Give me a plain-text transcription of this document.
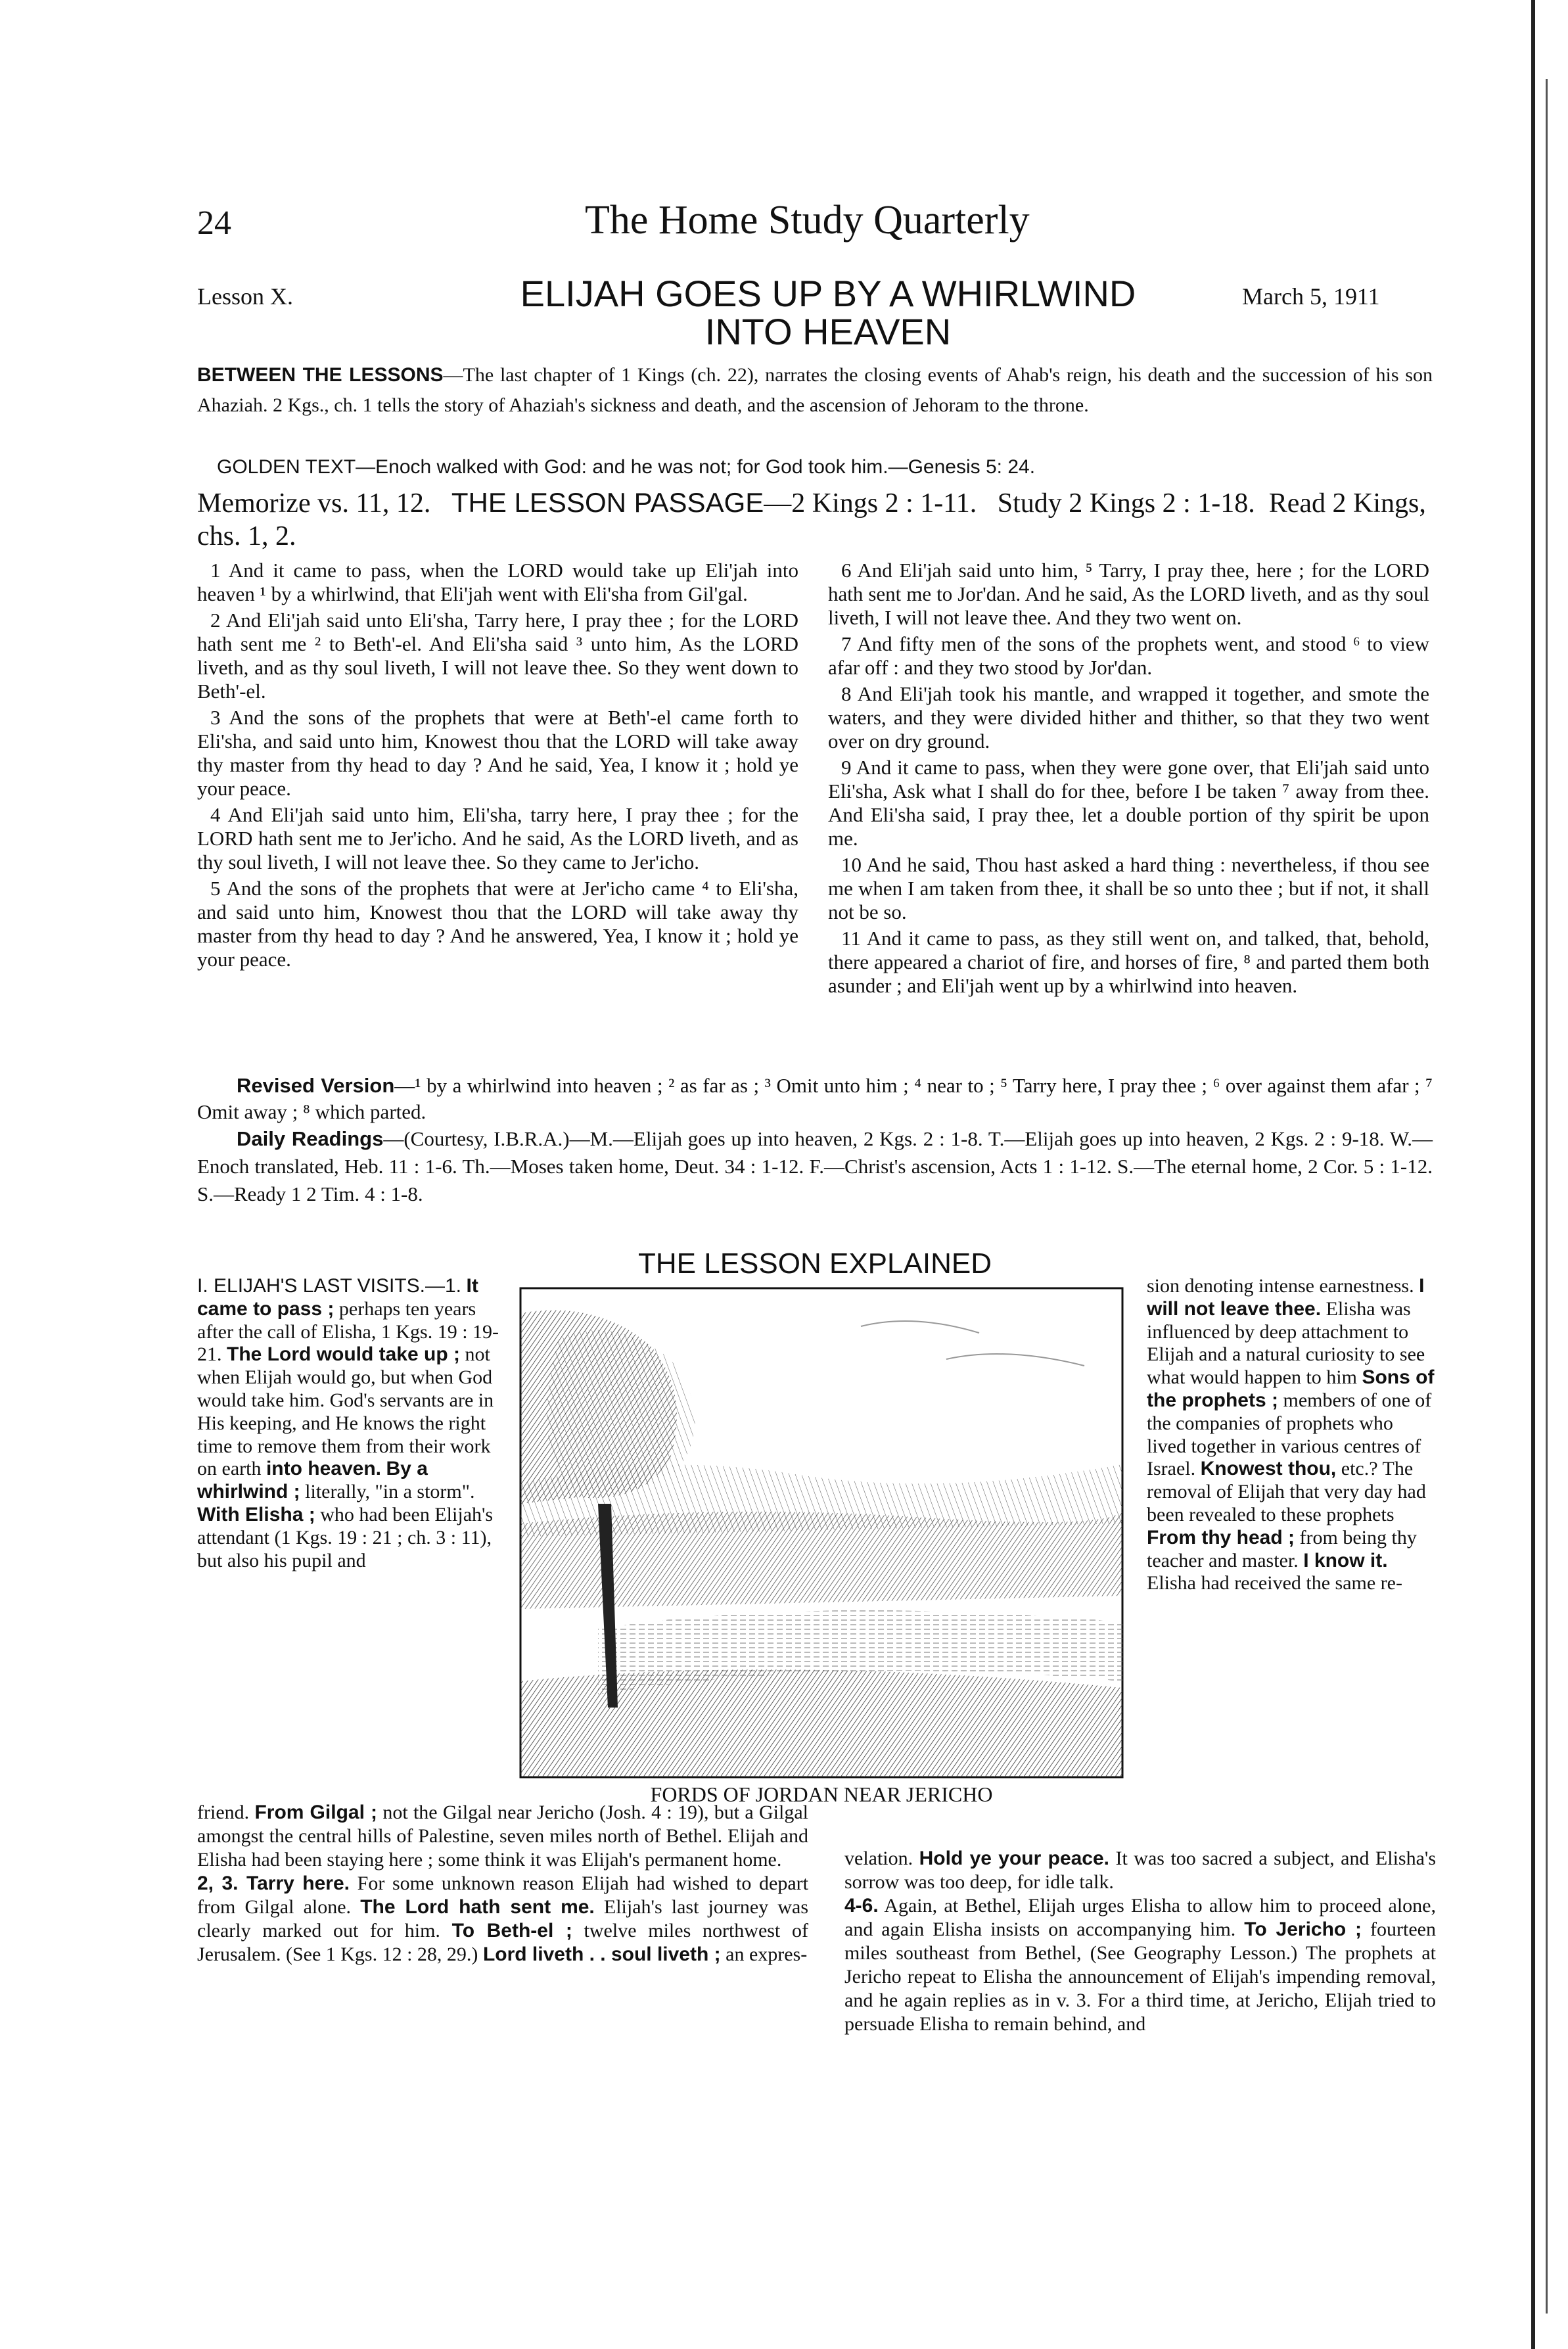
24	The Home Study Quarterly
Lesson X.	ELIJAH GOES UP BY A WHIRLWIND
INTO HEAVEN
March 5, 1911
BETWEEN THE LESSONS—The last chapter of 1 Kings (ch. 22), narrates the closing events of Ahab's reign, his death and the succession of his son Ahaziah. 2 Kgs., ch. 1 tells the story of Ahaziah's sickness and death, and the ascension of Jehoram to the throne.
GOLDEN TEXT—Enoch walked with God: and he was not; for God took him.—Genesis 5: 24.
Memorize vs. 11, 12. THE LESSON PASSAGE—2 Kings 2 : 1-11. Study 2 Kings 2 : 1-18. Read 2 Kings, chs. 1, 2.

1 And it came to pass, when the LORD would take up Eli'jah into heaven ¹ by a whirlwind, that Eli'jah went with Eli'sha from Gil'gal.

2 And Eli'jah said unto Eli'sha, Tarry here, I pray thee ; for the LORD hath sent me ² to Beth'-el. And Eli'sha said ³ unto him, As the LORD liveth, and as thy soul liveth, I will not leave thee. So they went down to Beth'-el.

3 And the sons of the prophets that were at Beth'-el came forth to Eli'sha, and said unto him, Knowest thou that the LORD will take away thy master from thy head to day ? And he said, Yea, I know it ; hold ye your peace.

4 And Eli'jah said unto him, Eli'sha, tarry here, I pray thee ; for the LORD hath sent me to Jer'icho. And he said, As the LORD liveth, and as thy soul liveth, I will not leave thee. So they came to Jer'icho.

5 And the sons of the prophets that were at Jer'icho came ⁴ to Eli'sha, and said unto him, Knowest thou that the LORD will take away thy master from thy head to day ? And he answered, Yea, I know it ; hold ye your peace.

6 And Eli'jah said unto him, ⁵ Tarry, I pray thee, here ; for the LORD hath sent me to Jor'dan. And he said, As the LORD liveth, and as thy soul liveth, I will not leave thee. And they two went on.

7 And fifty men of the sons of the prophets went, and stood ⁶ to view afar off : and they two stood by Jor'dan.

8 And Eli'jah took his mantle, and wrapped it together, and smote the waters, and they were divided hither and thither, so that they two went over on dry ground.

9 And it came to pass, when they were gone over, that Eli'jah said unto Eli'sha, Ask what I shall do for thee, before I be taken ⁷ away from thee. And Eli'sha said, I pray thee, let a double portion of thy spirit be upon me.

10 And he said, Thou hast asked a hard thing : nevertheless, if thou see me when I am taken from thee, it shall be so unto thee ; but if not, it shall not be so.

11 And it came to pass, as they still went on, and talked, that, behold, there appeared a chariot of fire, and horses of fire, ⁸ and parted them both asunder ; and Eli'jah went up by a whirlwind into heaven.

Revised Version—¹ by a whirlwind into heaven ; ² as far as ; ³ Omit unto him ; ⁴ near to ; ⁵ Tarry here, I pray thee ; ⁶ over against them afar ; ⁷ Omit away ; ⁸ which parted.
Daily Readings—(Courtesy, I.B.R.A.)—M.—Elijah goes up into heaven, 2 Kgs. 2 : 1-8. T.—Elijah goes up into heaven, 2 Kgs. 2 : 9-18. W.—Enoch translated, Heb. 11 : 1-6. Th.—Moses taken home, Deut. 34 : 1-12. F.—Christ's ascension, Acts 1 : 1-12. S.—The eternal home, 2 Cor. 5 : 1-12. S.—Ready 1 2 Tim. 4 : 1-8.
THE LESSON EXPLAINED
I. ELIJAH'S LAST VISITS.—1. It came to pass ; perhaps ten years after the call of Elisha, 1 Kgs. 19 : 19-21. The Lord would take up ; not when Elijah would go, but when God would take him. God's servants are in His keeping, and He knows the right time to remove them from their work on earth into heaven. By a whirlwind ; literally, "in a storm". With Elisha ; who had been Elijah's attendant (1 Kgs. 19 : 21 ; ch. 3 : 11), but also his pupil and
FORDS OF JORDAN NEAR JERICHO
sion denoting intense earnestness. I will not leave thee. Elisha was influenced by deep attachment to Elijah and a natural curiosity to see what would happen to him Sons of the prophets ; members of one of the companies of prophets who lived together in various centres of Israel. Knowest thou, etc.? The removal of Elijah that very day had been revealed to these prophets From thy head ; from being thy teacher and master. I know it. Elisha had received the same re-
friend. From Gilgal ; not the Gilgal near Jericho (Josh. 4 : 19), but a Gilgal amongst the central hills of Palestine, seven miles north of Bethel. Elijah and Elisha had been staying here ; some think it was Elijah's permanent home.
2, 3. Tarry here. For some unknown reason Elijah had wished to depart from Gilgal alone. The Lord hath sent me. Elijah's last journey was clearly marked out for him. To Beth-el ; twelve miles northwest of Jerusalem. (See 1 Kgs. 12 : 28, 29.) Lord liveth . . soul liveth ; an expres-
velation. Hold ye your peace. It was too sacred a subject, and Elisha's sorrow was too deep, for idle talk.
4-6. Again, at Bethel, Elijah urges Elisha to allow him to proceed alone, and again Elisha insists on accompanying him. To Jericho ; fourteen miles southeast from Bethel, (See Geography Lesson.) The prophets at Jericho repeat to Elisha the announcement of Elijah's impending removal, and he again replies as in v. 3. For a third time, at Jericho, Elijah tried to persuade Elisha to remain behind, and
